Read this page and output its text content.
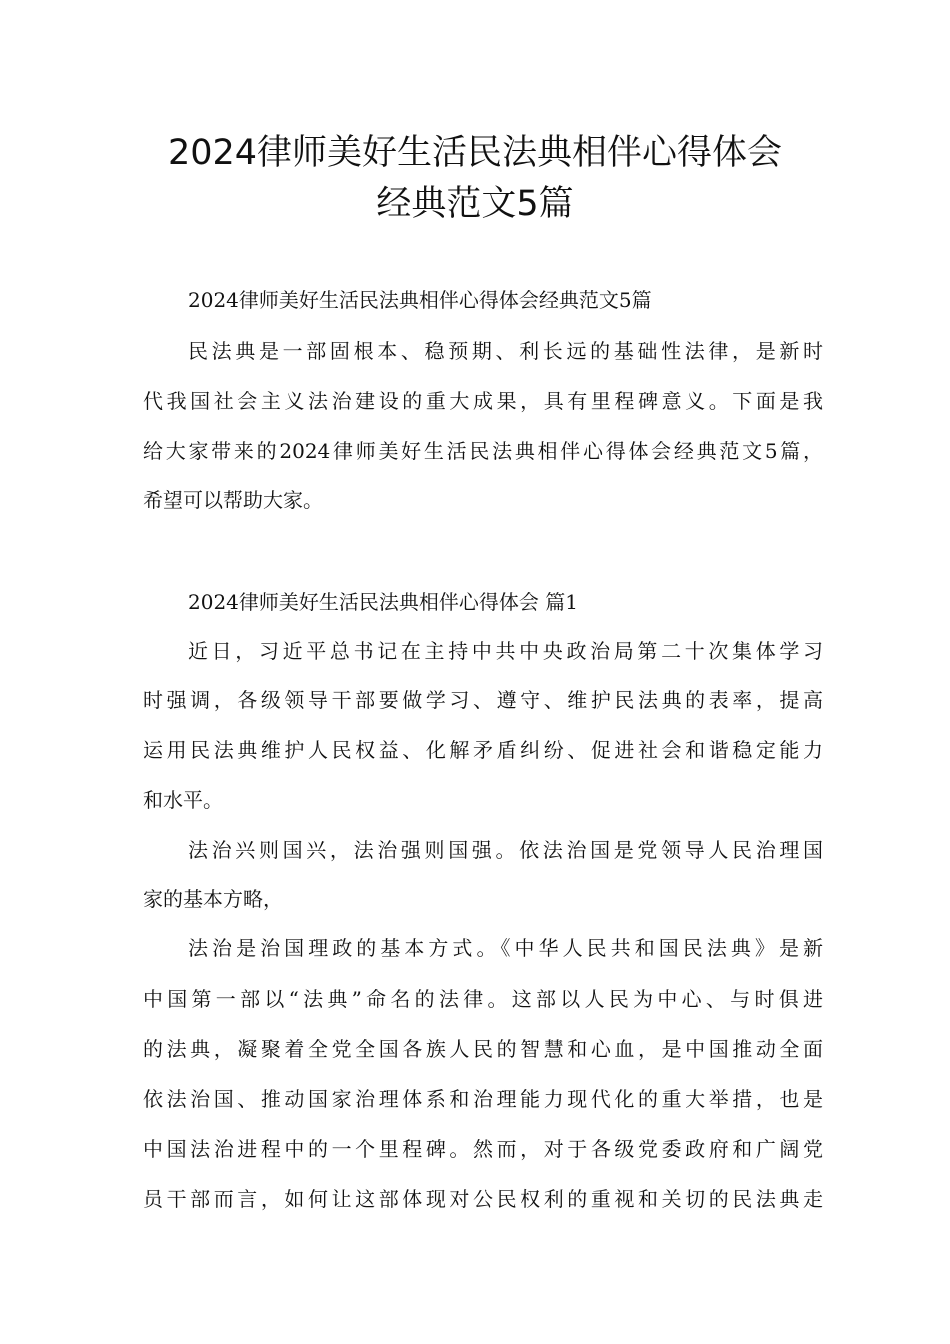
2024律师美好生活民法典相伴心得体会
经典范文5篇

2024律师美好生活民法典相伴心得体会经典范文5篇

民法典是一部固根本、稳预期、利长远的基础性法律，是新时

代我国社会主义法治建设的重大成果，具有里程碑意义。下面是我

给大家带来的2024律师美好生活民法典相伴心得体会经典范文5篇，

希望可以帮助大家。

2024律师美好生活民法典相伴心得体会 篇1

近日，习近平总书记在主持中共中央政治局第二十次集体学习

时强调，各级领导干部要做学习、遵守、维护民法典的表率，提高

运用民法典维护人民权益、化解矛盾纠纷、促进社会和谐稳定能力

和水平。

法治兴则国兴，法治强则国强。依法治国是党领导人民治理国

家的基本方略，

法治是治国理政的基本方式。《中华人民共和国民法典》是新

中国第一部以“法典”命名的法律。这部以人民为中心、与时俱进

的法典，凝聚着全党全国各族人民的智慧和心血，是中国推动全面

依法治国、推动国家治理体系和治理能力现代化的重大举措，也是

中国法治进程中的一个里程碑。然而，对于各级党委政府和广阔党

员干部而言，如何让这部体现对公民权利的重视和关切的民法典走
